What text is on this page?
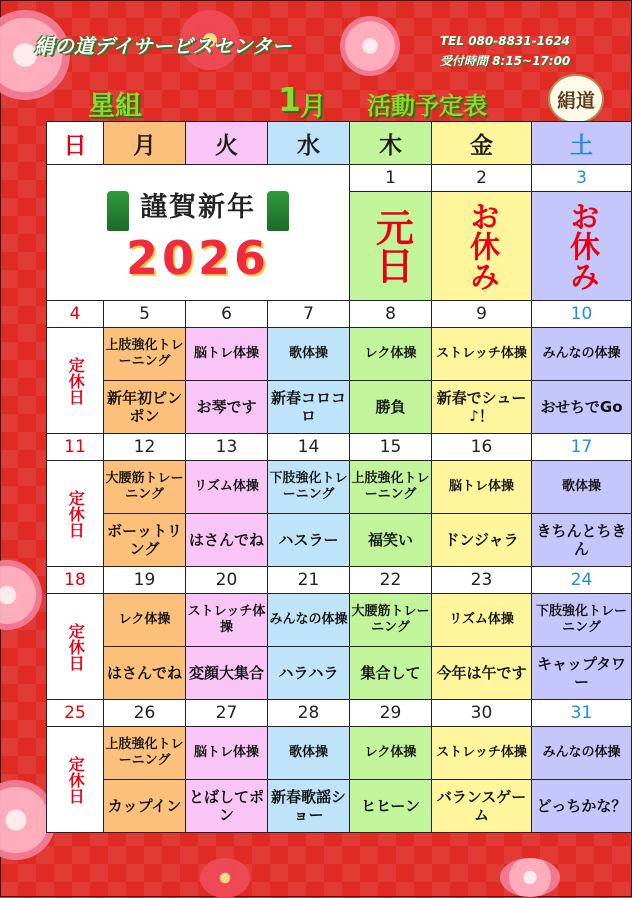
絹の道デイサービスセンター	TEL 080-8831-1624
受付時間 8:15~17:00
星組	1 月 活動予定表	絹道
日	月	火	水	木	金	土

謹賀新年
2026				1	2	3

				元日	お休み	お休み

4	5	6	7	8	9	10

定休日	上肢強化トレーニング	脳トレ体操	歌体操	レク体操	ストレッチ体操	みんなの体操
	新年初ピンポン	お琴です	新春コロコロ	勝負	新春でシュー♪！	おせちでGo
11	12	13	14	15	16	17

定休日	大腰筋トレーニング	リズム体操	下肢強化トレーニング	上肢強化トレーニング	脳トレ体操	歌体操
	ボーットリング	はさんでね	ハスラー	福笑い	ドンジャラ	きちんとちきん
18	19	20	21	22	23	24

定休日	レク体操	ストレッチ体操	みんなの体操	大腰筋トレーニング	リズム体操	下肢強化トレーニング
	はさんでね	変顔大集合	ハラハラ	集合して	今年は午です	キャップタワー
25	26	27	28	29	30	31

定休日	上肢強化トレーニング	脳トレ体操	歌体操	レク体操	ストレッチ体操	みんなの体操
	カップイン	とばしてポン	新春歌謡ショー	ヒヒーン	バランスゲーム	どっちかな？
